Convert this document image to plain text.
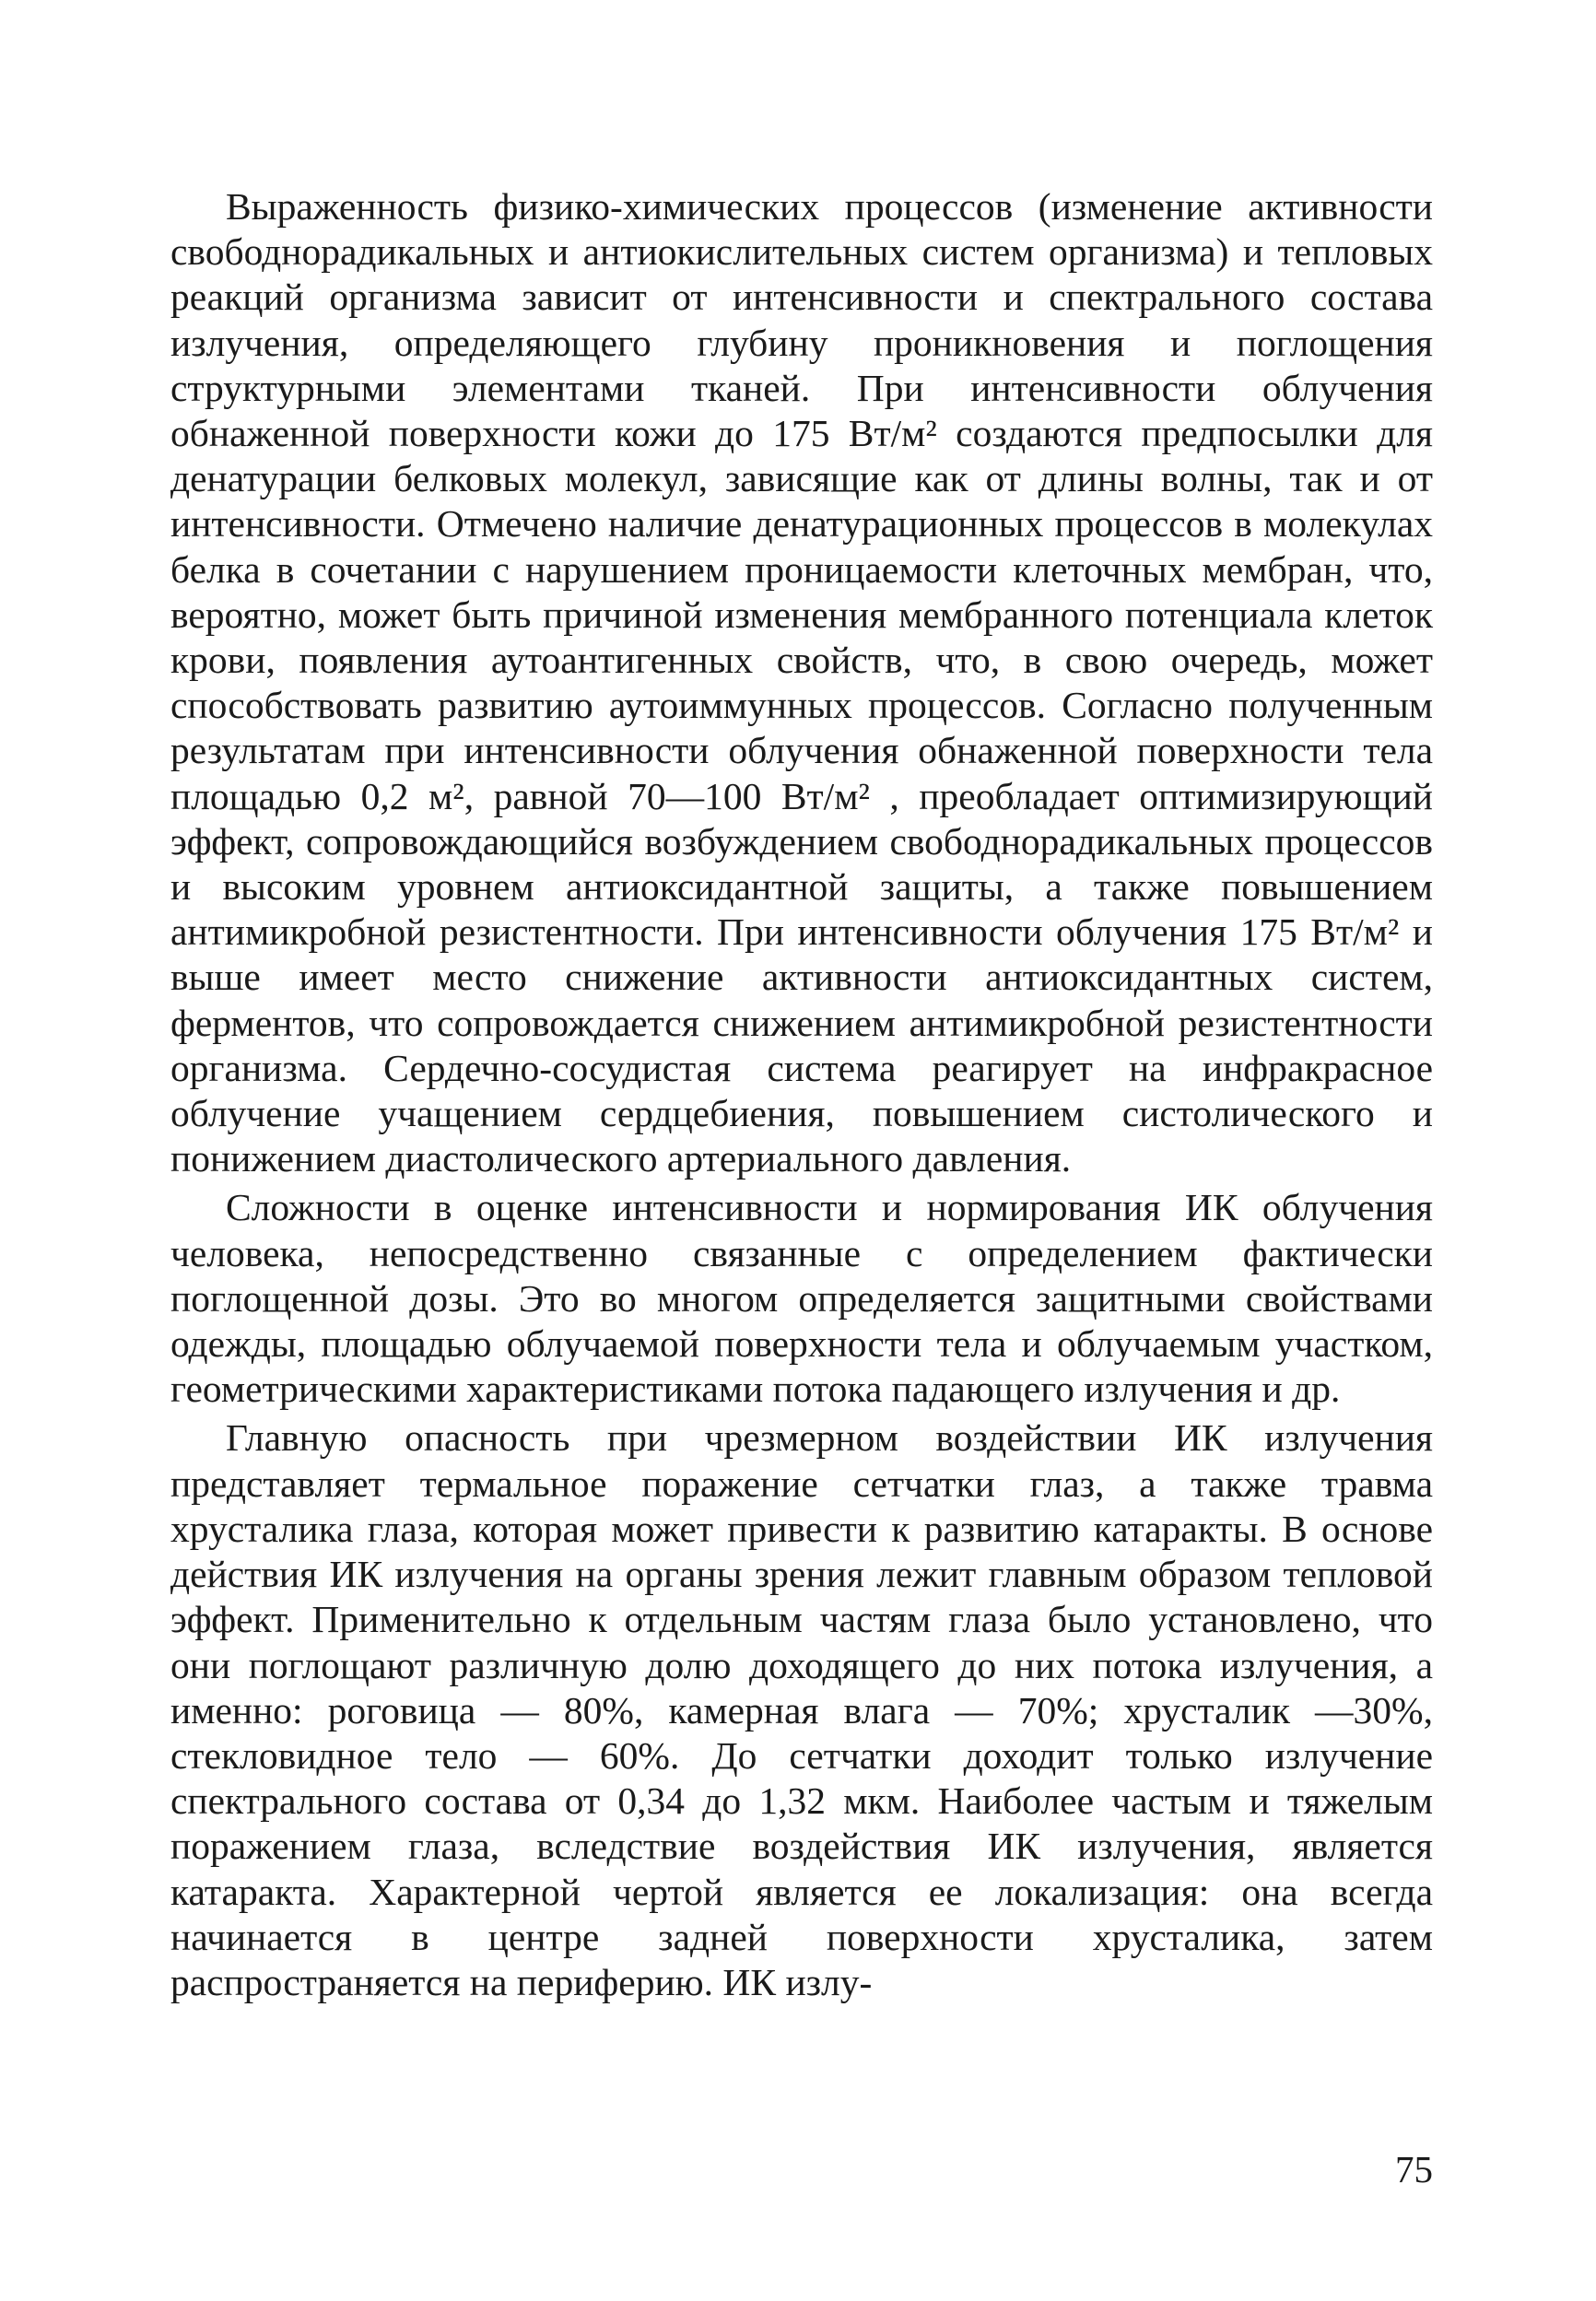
Выраженность физико-химических процессов (изменение активности свободнорадикальных и антиокислительных систем организма) и тепловых реакций организма зависит от интенсивности и спектрального состава излучения, определяющего глубину проникновения и поглощения структурными элементами тканей. При интенсивности облучения обнаженной поверхности кожи до 175 Вт/м² создаются предпосылки для денатурации белковых молекул, зависящие как от длины волны, так и от интенсивности. Отмечено наличие денатурационных процессов в молекулах белка в сочетании с нарушением проницаемости клеточных мембран, что, вероятно, может быть причиной изменения мембранного потенциала клеток крови, появления аутоантигенных свойств, что, в свою очередь, может способствовать развитию аутоиммунных процессов. Согласно полученным результатам при интенсивности облучения обнаженной поверхности тела площадью 0,2 м², равной 70—100 Вт/м² , преобладает оптимизирующий эффект, сопровождающийся возбуждением свободнорадикальных процессов и высоким уровнем антиоксидантной защиты, а также повышением антимикробной резистентности. При интенсивности облучения 175 Вт/м² и выше имеет место снижение активности антиоксидантных систем, ферментов, что сопровождается снижением антимикробной резистентности организма. Сердечно-сосудистая система реагирует на инфракрасное облучение учащением сердцебиения, повышением систолического и понижением диастолического артериального давления.

Сложности в оценке интенсивности и нормирования ИК облучения человека, непосредственно связанные с определением фактически поглощенной дозы. Это во многом определяется защитными свойствами одежды, площадью облучаемой поверхности тела и облучаемым участком, геометрическими характеристиками потока падающего излучения и др.

Главную опасность при чрезмерном воздействии ИК излучения представляет термальное поражение сетчатки глаз, а также травма хрусталика глаза, которая может привести к развитию катаракты. В основе действия ИК излучения на органы зрения лежит главным образом тепловой эффект. Применительно к отдельным частям глаза было установлено, что они поглощают различную долю доходящего до них потока излучения, а именно: роговица — 80%, камерная влага — 70%; хрусталик —30%, стекловидное тело — 60%. До сетчатки доходит только излучение спектрального состава от 0,34 до 1,32 мкм. Наиболее частым и тяжелым поражением глаза, вследствие воздействия ИК излучения, является катаракта. Характерной чертой является ее локализация: она всегда начинается в центре задней поверхности хрусталика, затем распространяется на периферию. ИК излу-

75
